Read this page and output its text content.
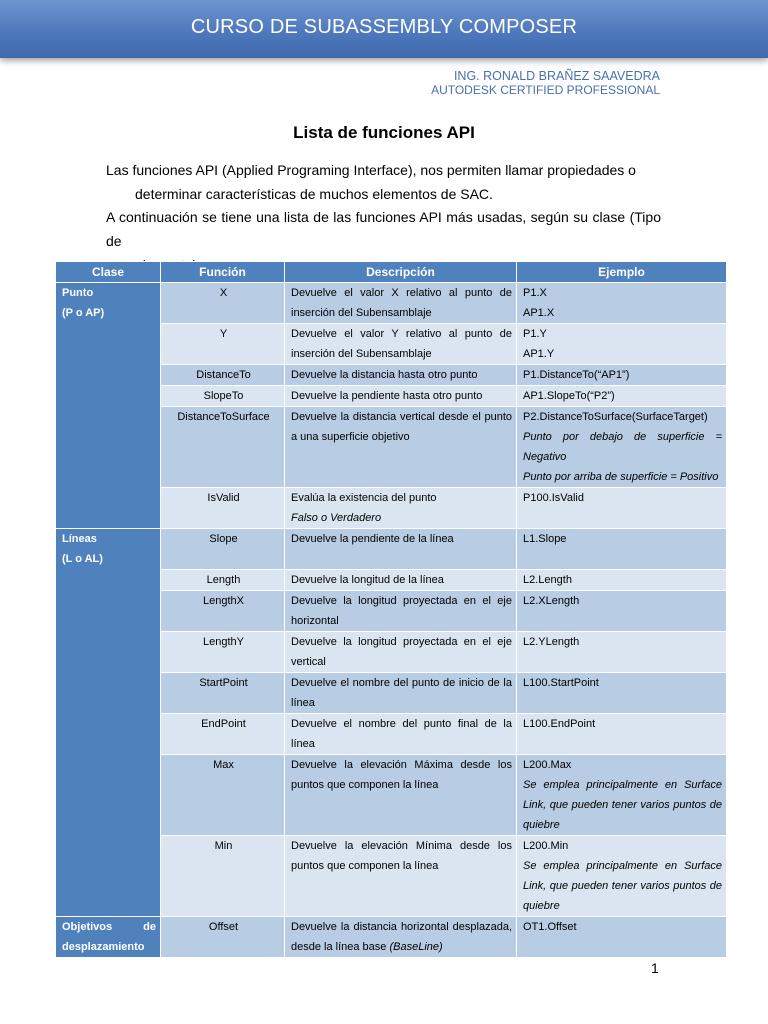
CURSO DE SUBASSEMBLY COMPOSER
ING. RONALD BRAÑEZ SAAVEDRA
AUTODESK CERTIFIED PROFESSIONAL
Lista de funciones API
Las funciones API (Applied Programing Interface), nos permiten llamar propiedades o
determinar características de muchos elementos de SAC.
A continuación se tiene una lista de las funciones API más usadas, según su clase (Tipo de
Clase	Función	Descripción	Ejemplo
Punto
(P o AP)	X	Devuelve el valor X relativo al punto de inserción del Subensamblaje	P1.X
AP1.X

	Y	Devuelve el valor Y relativo al punto de inserción del Subensamblaje	P1.Y
AP1.Y

	DistanceTo	Devuelve la distancia hasta otro punto	P1.DistanceTo(“AP1”)
	SlopeTo	Devuelve la pendiente hasta otro punto	AP1.SlopeTo(“P2”)
	DistanceToSurface	Devuelve la distancia vertical desde el punto a una superficie objetivo	P2.DistanceToSurface(SurfaceTarget)
Punto por debajo de superficie = Negativo
Punto por arriba de superficie = Positivo

	IsValid	Evalúa la existencia del punto
Falso o Verdadero	P100.IsValid
Líneas
(L o AL)	Slope	Devuelve la pendiente de la línea	L1.Slope
	Length	Devuelve la longitud de la línea	L2.Length
	LengthX	Devuelve la longitud proyectada en el eje horizontal	L2.XLength
	LengthY	Devuelve la longitud proyectada en el eje vertical	L2.YLength
	StartPoint	Devuelve el nombre del punto de inicio de la línea	L100.StartPoint
	EndPoint	Devuelve el nombre del punto final de la línea	L100.EndPoint
	Max	Devuelve la elevación Máxima desde los puntos que componen la línea	L200.Max
Se emplea principalmente en Surface Link, que pueden tener varios puntos de quiebre

	Min	Devuelve la elevación Mínima desde los puntos que componen la línea	L200.Min
Se emplea principalmente en Surface Link, que pueden tener varios puntos de quiebre

Objetivos de
desplazamiento	Offset	Devuelve la distancia horizontal desplazada, desde la línea base (BaseLine)	OT1.Offset
1
